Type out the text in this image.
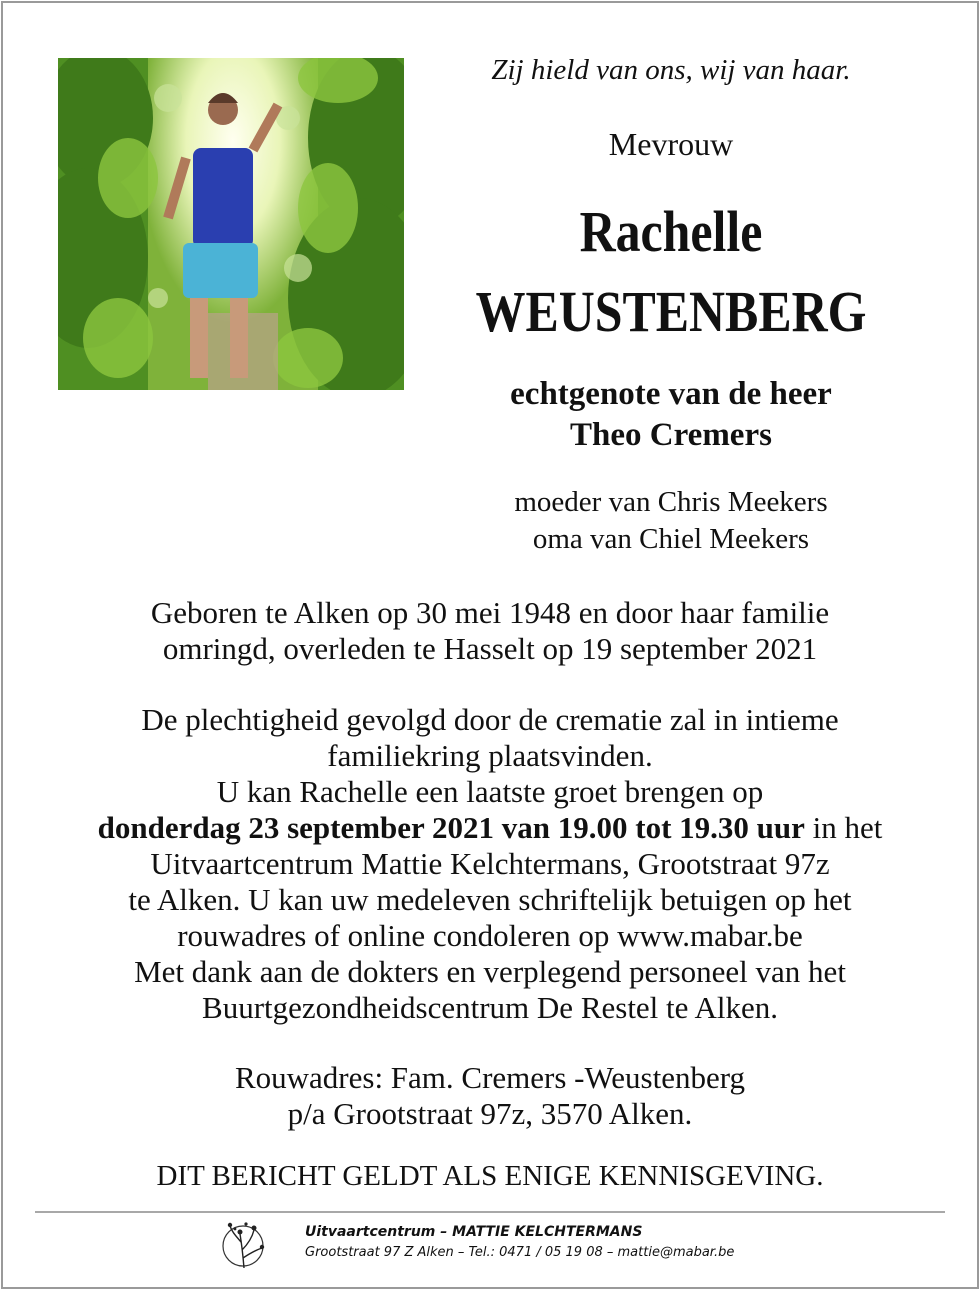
Zij hield van ons, wij van haar.
Mevrouw
Rachelle
WEUSTENBERG
echtgenote van de heer
Theo Cremers
moeder van Chris Meekers
oma van Chiel Meekers
Geboren te Alken op 30 mei 1948 en door haar familie
omringd, overleden te Hasselt op 19 september 2021
De plechtigheid gevolgd door de crematie zal in intieme
familiekring plaatsvinden.
U kan Rachelle een laatste groet brengen op
donderdag 23 september 2021 van 19.00 tot 19.30 uur in het
Uitvaartcentrum Mattie Kelchtermans, Grootstraat 97z
te Alken. U kan uw medeleven schriftelijk betuigen op het
rouwadres of online condoleren op www.mabar.be
Met dank aan de dokters en verplegend personeel van het
Buurtgezondheidscentrum De Restel te Alken.
Rouwadres: Fam. Cremers -Weustenberg
p/a Grootstraat 97z, 3570 Alken.
DIT BERICHT GELDT ALS ENIGE KENNISGEVING.
Uitvaartcentrum – MATTIE KELCHTERMANS
Grootstraat 97 Z Alken – Tel.: 0471 / 05 19 08 – mattie@mabar.be
